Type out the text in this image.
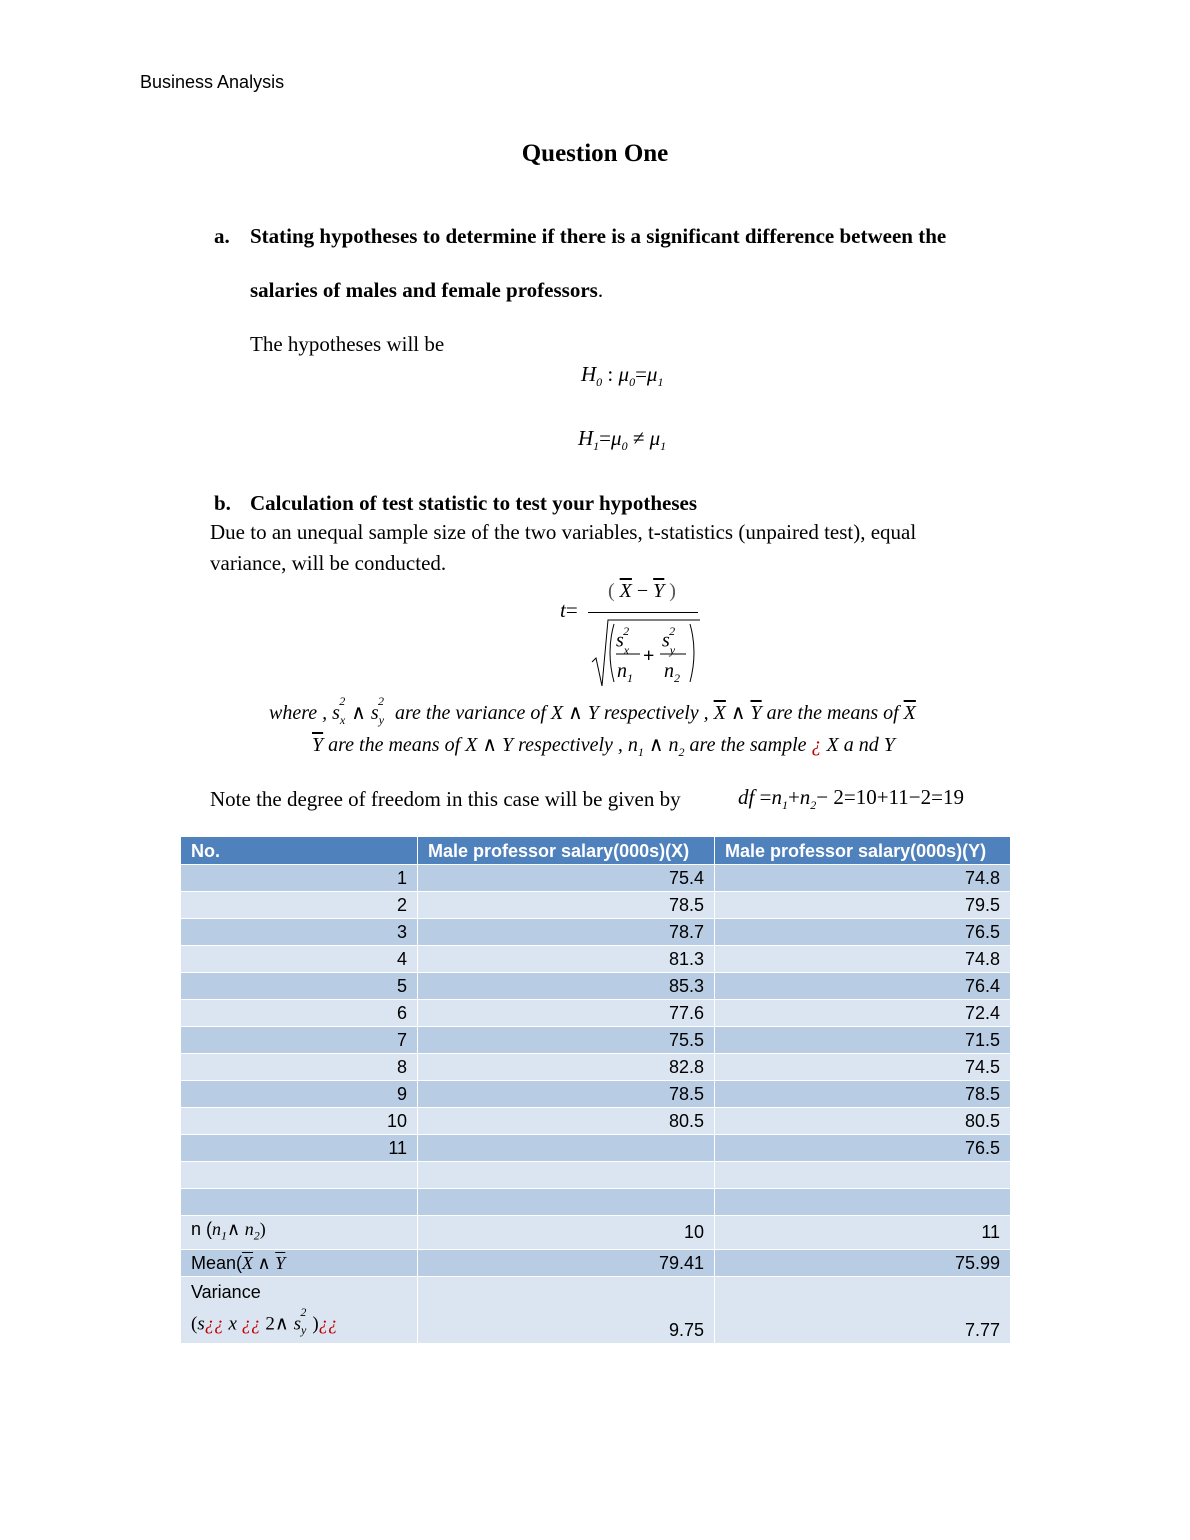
Business Analysis
Question One
a. Stating hypotheses to determine if there is a significant difference between the
salaries of males and female professors.
The hypotheses will be
$H_0$ : $\mu_0=\mu_1$
$H_1=\mu_0 \ne \mu_1$
b. Calculation of test statistic to test your hypotheses
Due to an unequal sample size of the two variables, t-statistics (unpaired test), equal
variance, will be conducted.
t=
( $\overline{X} - \overline{Y}$ )
$s_x^2$
$n_1$
+
$s_y^2$
$n_2$
where , $s_x^2\wedge$ $s_y^2$ are the variance of X ∧ Y respectively , $\overline{X}$ ∧ $\overline{Y}$ are the means of $\overline{X}$
$\overline{Y}$ are the means of X ∧ Y respectively , $n_1$ ∧ $n_2$ are the sample ¿ X a nd Y
Note the degree of freedom in this case will be given by	df $=n_1+n_2- 2=10+11-2=19$
No.	Male professor salary(000s)(X)	Male professor salary(000s)(Y)
1	75.4	74.8
2	78.5	79.5
3	78.7	76.5
4	81.3	74.8
5	85.3	76.4
6	77.6	72.4
7	75.5	71.5
8	82.8	74.5
9	78.5	78.5
10	80.5	80.5
11		76.5

n ($n_1\wedge$ $n_2$)	10	11
$Mean(\overline{X}$ ∧ $\overline{Y}$	79.41	75.99

Variance
(s¿¿ x ¿¿ 2∧ $s_y^2)¿¿$	9.75	7.77
